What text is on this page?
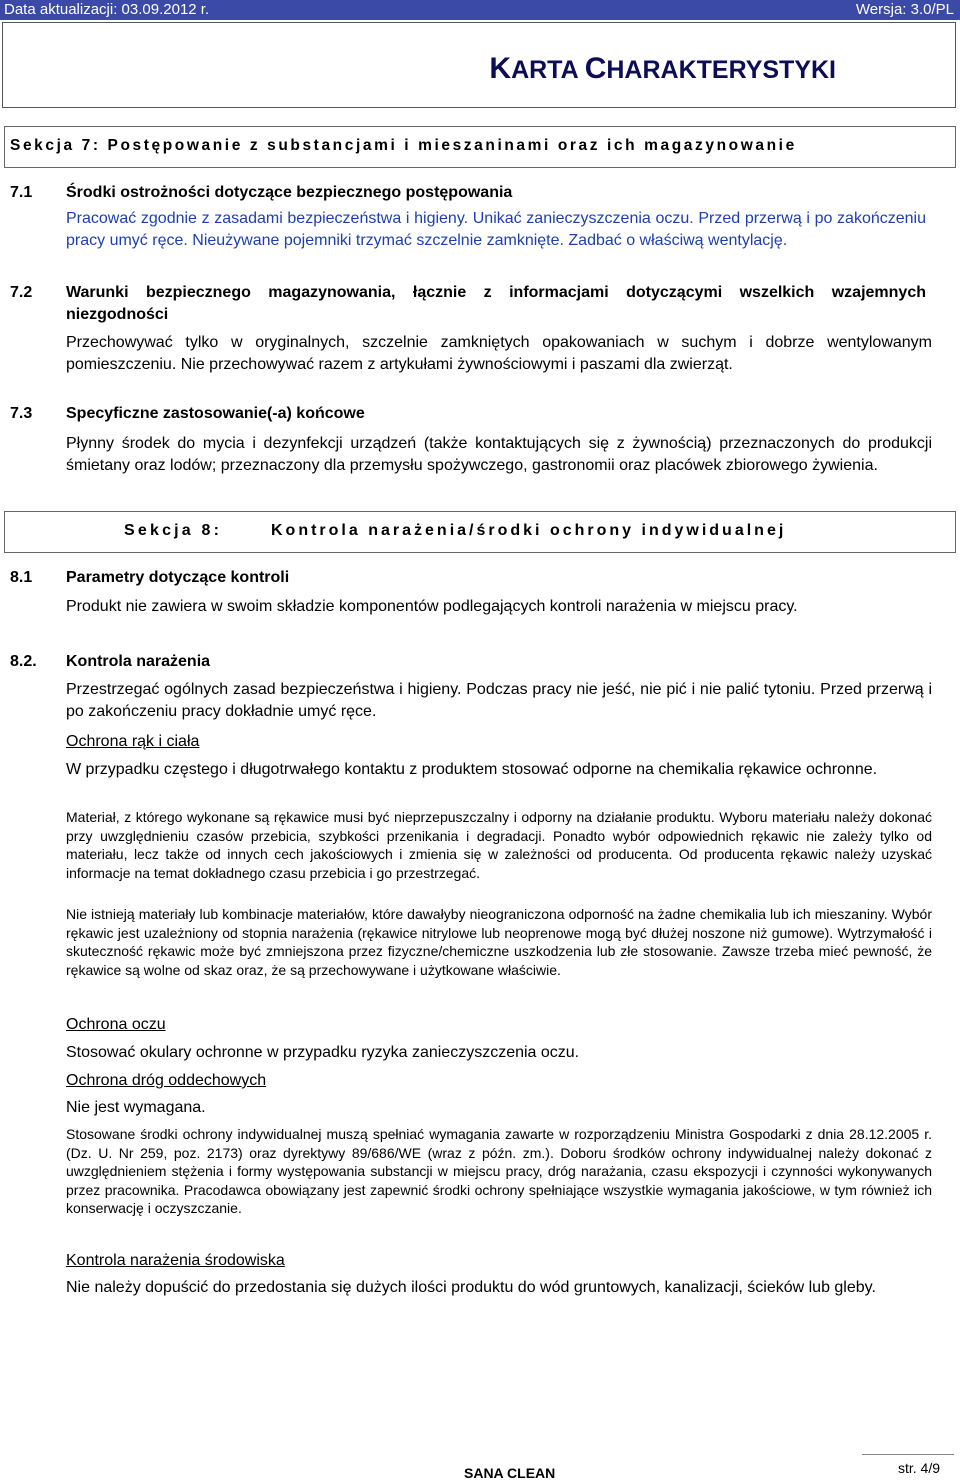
Data aktualizacji: 03.09.2012 r.	Wersja: 3.0/PL
KARTA CHARAKTERYSTYKI
Sekcja 7: Postępowanie z substancjami i mieszaninami oraz ich magazynowanie
7.1 Środki ostrożności dotyczące bezpiecznego postępowania
Pracować zgodnie z zasadami bezpieczeństwa i higieny. Unikać zanieczyszczenia oczu. Przed przerwą i po zakończeniu pracy umyć ręce. Nieużywane pojemniki trzymać szczelnie zamknięte. Zadbać o właściwą wentylację.
7.2 Warunki bezpiecznego magazynowania, łącznie z informacjami dotyczącymi wszelkich wzajemnych niezgodności
Przechowywać tylko w oryginalnych, szczelnie zamkniętych opakowaniach w suchym i dobrze wentylowanym pomieszczeniu. Nie przechowywać razem z artykułami żywnościowymi i paszami dla zwierząt.
7.3 Specyficzne zastosowanie(-a) końcowe
Płynny środek do mycia i dezynfekcji urządzeń (także kontaktujących się z żywnością) przeznaczonych do produkcji śmietany oraz lodów; przeznaczony dla przemysłu spożywczego, gastronomii oraz placówek zbiorowego żywienia.
Sekcja 8:	Kontrola narażenia/środki ochrony indywidualnej
8.1 Parametry dotyczące kontroli
Produkt nie zawiera w swoim składzie komponentów podlegających kontroli narażenia w miejscu pracy.
8.2. Kontrola narażenia
Przestrzegać ogólnych zasad bezpieczeństwa i higieny. Podczas pracy nie jeść, nie pić i nie palić tytoniu. Przed przerwą i po zakończeniu pracy dokładnie umyć ręce.
Ochrona rąk i ciała
W przypadku częstego i długotrwałego kontaktu z produktem stosować odporne na chemikalia rękawice ochronne.
Materiał, z którego wykonane są rękawice musi być nieprzepuszczalny i odporny na działanie produktu. Wyboru materiału należy dokonać przy uwzględnieniu czasów przebicia, szybkości przenikania i degradacji. Ponadto wybór odpowiednich rękawic nie zależy tylko od materiału, lecz także od innych cech jakościowych i zmienia się w zależności od producenta. Od producenta rękawic należy uzyskać informacje na temat dokładnego czasu przebicia i go przestrzegać.
Nie istnieją materiały lub kombinacje materiałów, które dawałyby nieograniczona odporność na żadne chemikalia lub ich mieszaniny. Wybór rękawic jest uzależniony od stopnia narażenia (rękawice nitrylowe lub neoprenowe mogą być dłużej noszone niż gumowe). Wytrzymałość i skuteczność rękawic może być zmniejszona przez fizyczne/chemiczne uszkodzenia lub złe stosowanie. Zawsze trzeba mieć pewność, że rękawice są wolne od skaz oraz, że są przechowywane i użytkowane właściwie.
Ochrona oczu
Stosować okulary ochronne w przypadku ryzyka zanieczyszczenia oczu.
Ochrona dróg oddechowych
Nie jest wymagana.
Stosowane środki ochrony indywidualnej muszą spełniać wymagania zawarte w rozporządzeniu Ministra Gospodarki z dnia 28.12.2005 r. (Dz. U. Nr 259, poz. 2173) oraz dyrektywy 89/686/WE (wraz z późn. zm.). Doboru środków ochrony indywidualnej należy dokonać z uwzględnieniem stężenia i formy występowania substancji w miejscu pracy, dróg narażania, czasu ekspozycji i czynności wykonywanych przez pracownika. Pracodawca obowiązany jest zapewnić środki ochrony spełniające wszystkie wymagania jakościowe, w tym również ich konserwację i oczyszczanie.
Kontrola narażenia środowiska
Nie należy dopuścić do przedostania się dużych ilości produktu do wód gruntowych, kanalizacji, ścieków lub gleby.
SANA CLEAN	str. 4/9
